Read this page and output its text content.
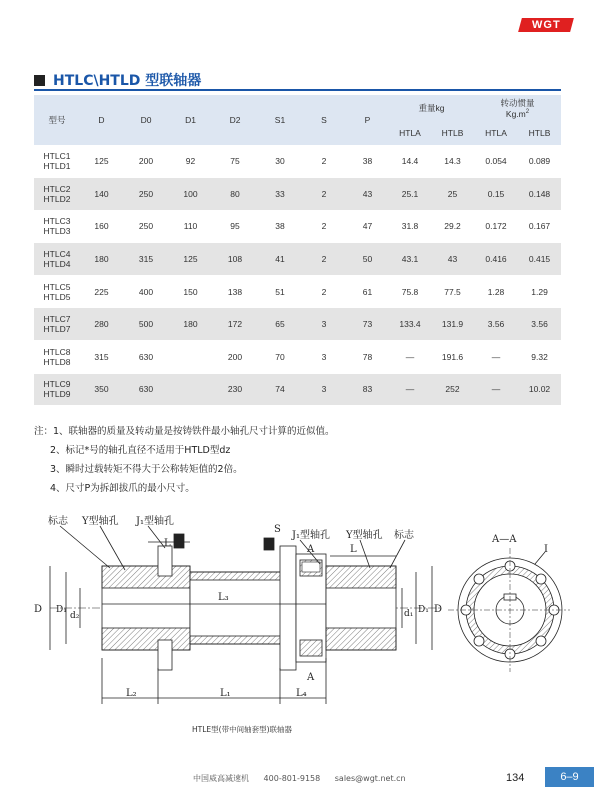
WGT
HTLC\HTLD 型联轴器
型号	D	D0	D1	D2	S1	S	P	重量kg		转动惯量
$Kg.m^2$

								HTLA	HTLB	HTLA	HTLB

HTLC1
HTLD1	125	200	92	75	30	2	38	14.4	14.3	0.054	0.089

HTLC2
HTLD2	140	250	100	80	33	2	43	25.1	25	0.15	0.148

HTLC3
HTLD3	160	250	110	95	38	2	47	31.8	29.2	0.172	0.167

HTLC4
HTLD4	180	315	125	108	41	2	50	43.1	43	0.416	0.415

HTLC5
HTLD5	225	400	150	138	51	2	61	75.8	77.5	1.28	1.29

HTLC7
HTLD7	280	500	180	172	65	3	73	133.4	131.9	3.56	3.56

HTLC8
HTLD8	315	630		200	70	3	78	—	191.6	—	9.32

HTLC9
HTLD9	350	630		230	74	3	83	—	252	—	10.02
注：1、联轴器的质量及转动量是按铸铁件最小轴孔尺寸计算的近似值。
2、标记*号的轴孔直径不适用于HTLD型dz
3、瞬时过载转矩不得大于公称转矩值的2倍。
4、尺寸P为拆卸拔爪的最小尺寸。
标志 Y型轴孔 J₁型轴孔
J₁型轴孔 Y型轴孔 标志
L
L
S
A
A
D D₁
d₂	d₁ D₁ D
L₃
L₂	L₁	L₄
A—A
I
HTLE型(带中间轴套型)联轴器
中国威高减速机 400-801-9158 sales@wgt.net.cn	134	6–9
